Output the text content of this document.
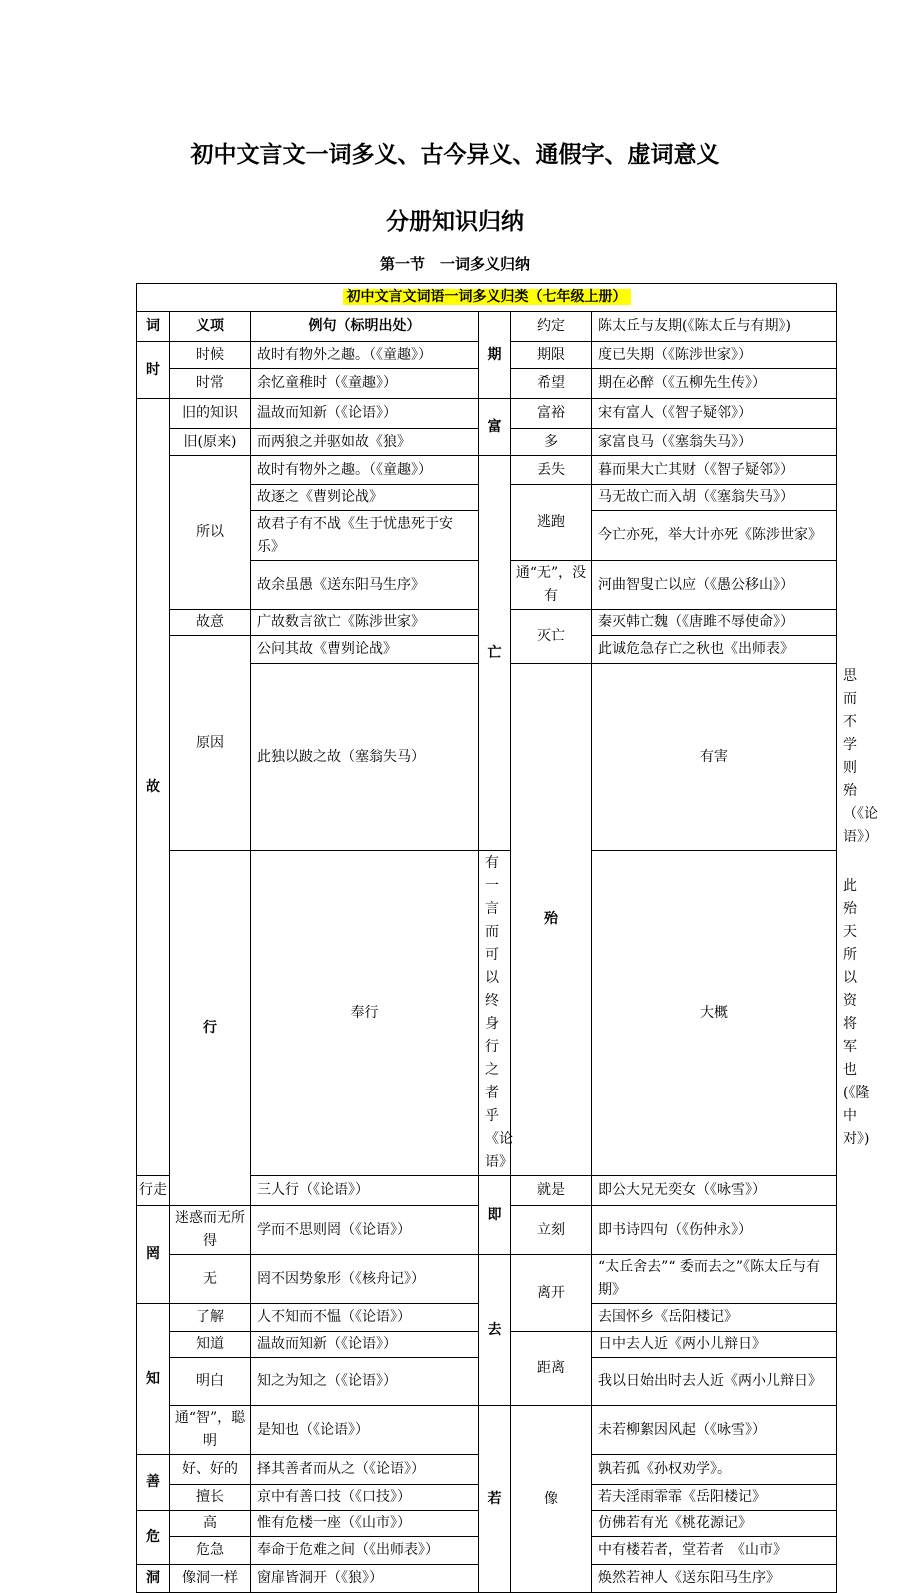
初中文言文一词多义、古今异义、通假字、虚词意义
分册知识归纳
第一节　一词多义归纳
初中文言文词语一词多义归类（七年级上册）						
词	义项	例句（标明出处）	期	约定	陈太丘与友期(《陈太丘与有期》)	
时	时候	故时有物外之趣。（《童趣》）		期限	度已失期（《陈涉世家》）	
	时常	余忆童稚时（《童趣》）		希望	期在必醉（《五柳先生传》）	
故	旧的知识	温故而知新（《论语》）	富	富裕	宋有富人（《智子疑邻》）	
	旧(原来)	而两狼之并驱如故《狼》		多	家富良马（《塞翁失马》）	
	所以	故时有物外之趣。（《童趣》）	亡	丢失	暮而果大亡其财（《智子疑邻》）	
		故逐之《曹刿论战》		逃跑	马无故亡而入胡（《塞翁失马》）	
		故君子有不战《生于忧患死于安乐》			今亡亦死，举大计亦死《陈涉世家》	
		故余虽愚《送东阳马生序》		通“无”，没有	河曲智叟亡以应（《愚公移山》）	
	故意	广故数言欲亡《陈涉世家》		灭亡	秦灭韩亡魏（《唐雎不辱使命》）	
	原因	公问其故《曹刿论战》			此诚危急存亡之秋也《出师表》	
		此独以跛之故（塞翁失马）		殆	有害	思而不学则殆（《论语》）
	行	奉行	有一言而可以终身行之者乎《论语》		大概	此殆天所以资将军也(《隆中对》)
行走		三人行（《论语》）	即	就是	即公大兄无奕女（《咏雪》）	
罔	迷惑而无所得	学而不思则罔（《论语》）		立刻	即书诗四句（《伤仲永》）	
	无	罔不因势象形（《核舟记》）	去	离开	“太丘舍去”“ 委而去之”《陈太丘与有期》	
知	了解	人不知而不愠（《论语》）			去国怀乡《岳阳楼记》	
	知道	温故而知新（《论语》）		距离	日中去人近《两小儿辩日》	
	明白	知之为知之（《论语》）			我以日始出时去人近《两小儿辩日》	
	通“智”，聪明	是知也（《论语》）	若	像	未若柳絮因风起（《咏雪》）	
善	好、好的	择其善者而从之（《论语》）			孰若孤《孙权劝学》。	
	擅长	京中有善口技（《口技》）			若夫淫雨霏霏《岳阳楼记》	
危	高	惟有危楼一座（《山市》）			仿佛若有光《桃花源记》	
	危急	奉命于危难之间（《出师表》）			中有楼若者，堂若者　《山市》	
洞	像洞一样	窗扉皆洞开（《狼》）			焕然若神人《送东阳马生序》	
